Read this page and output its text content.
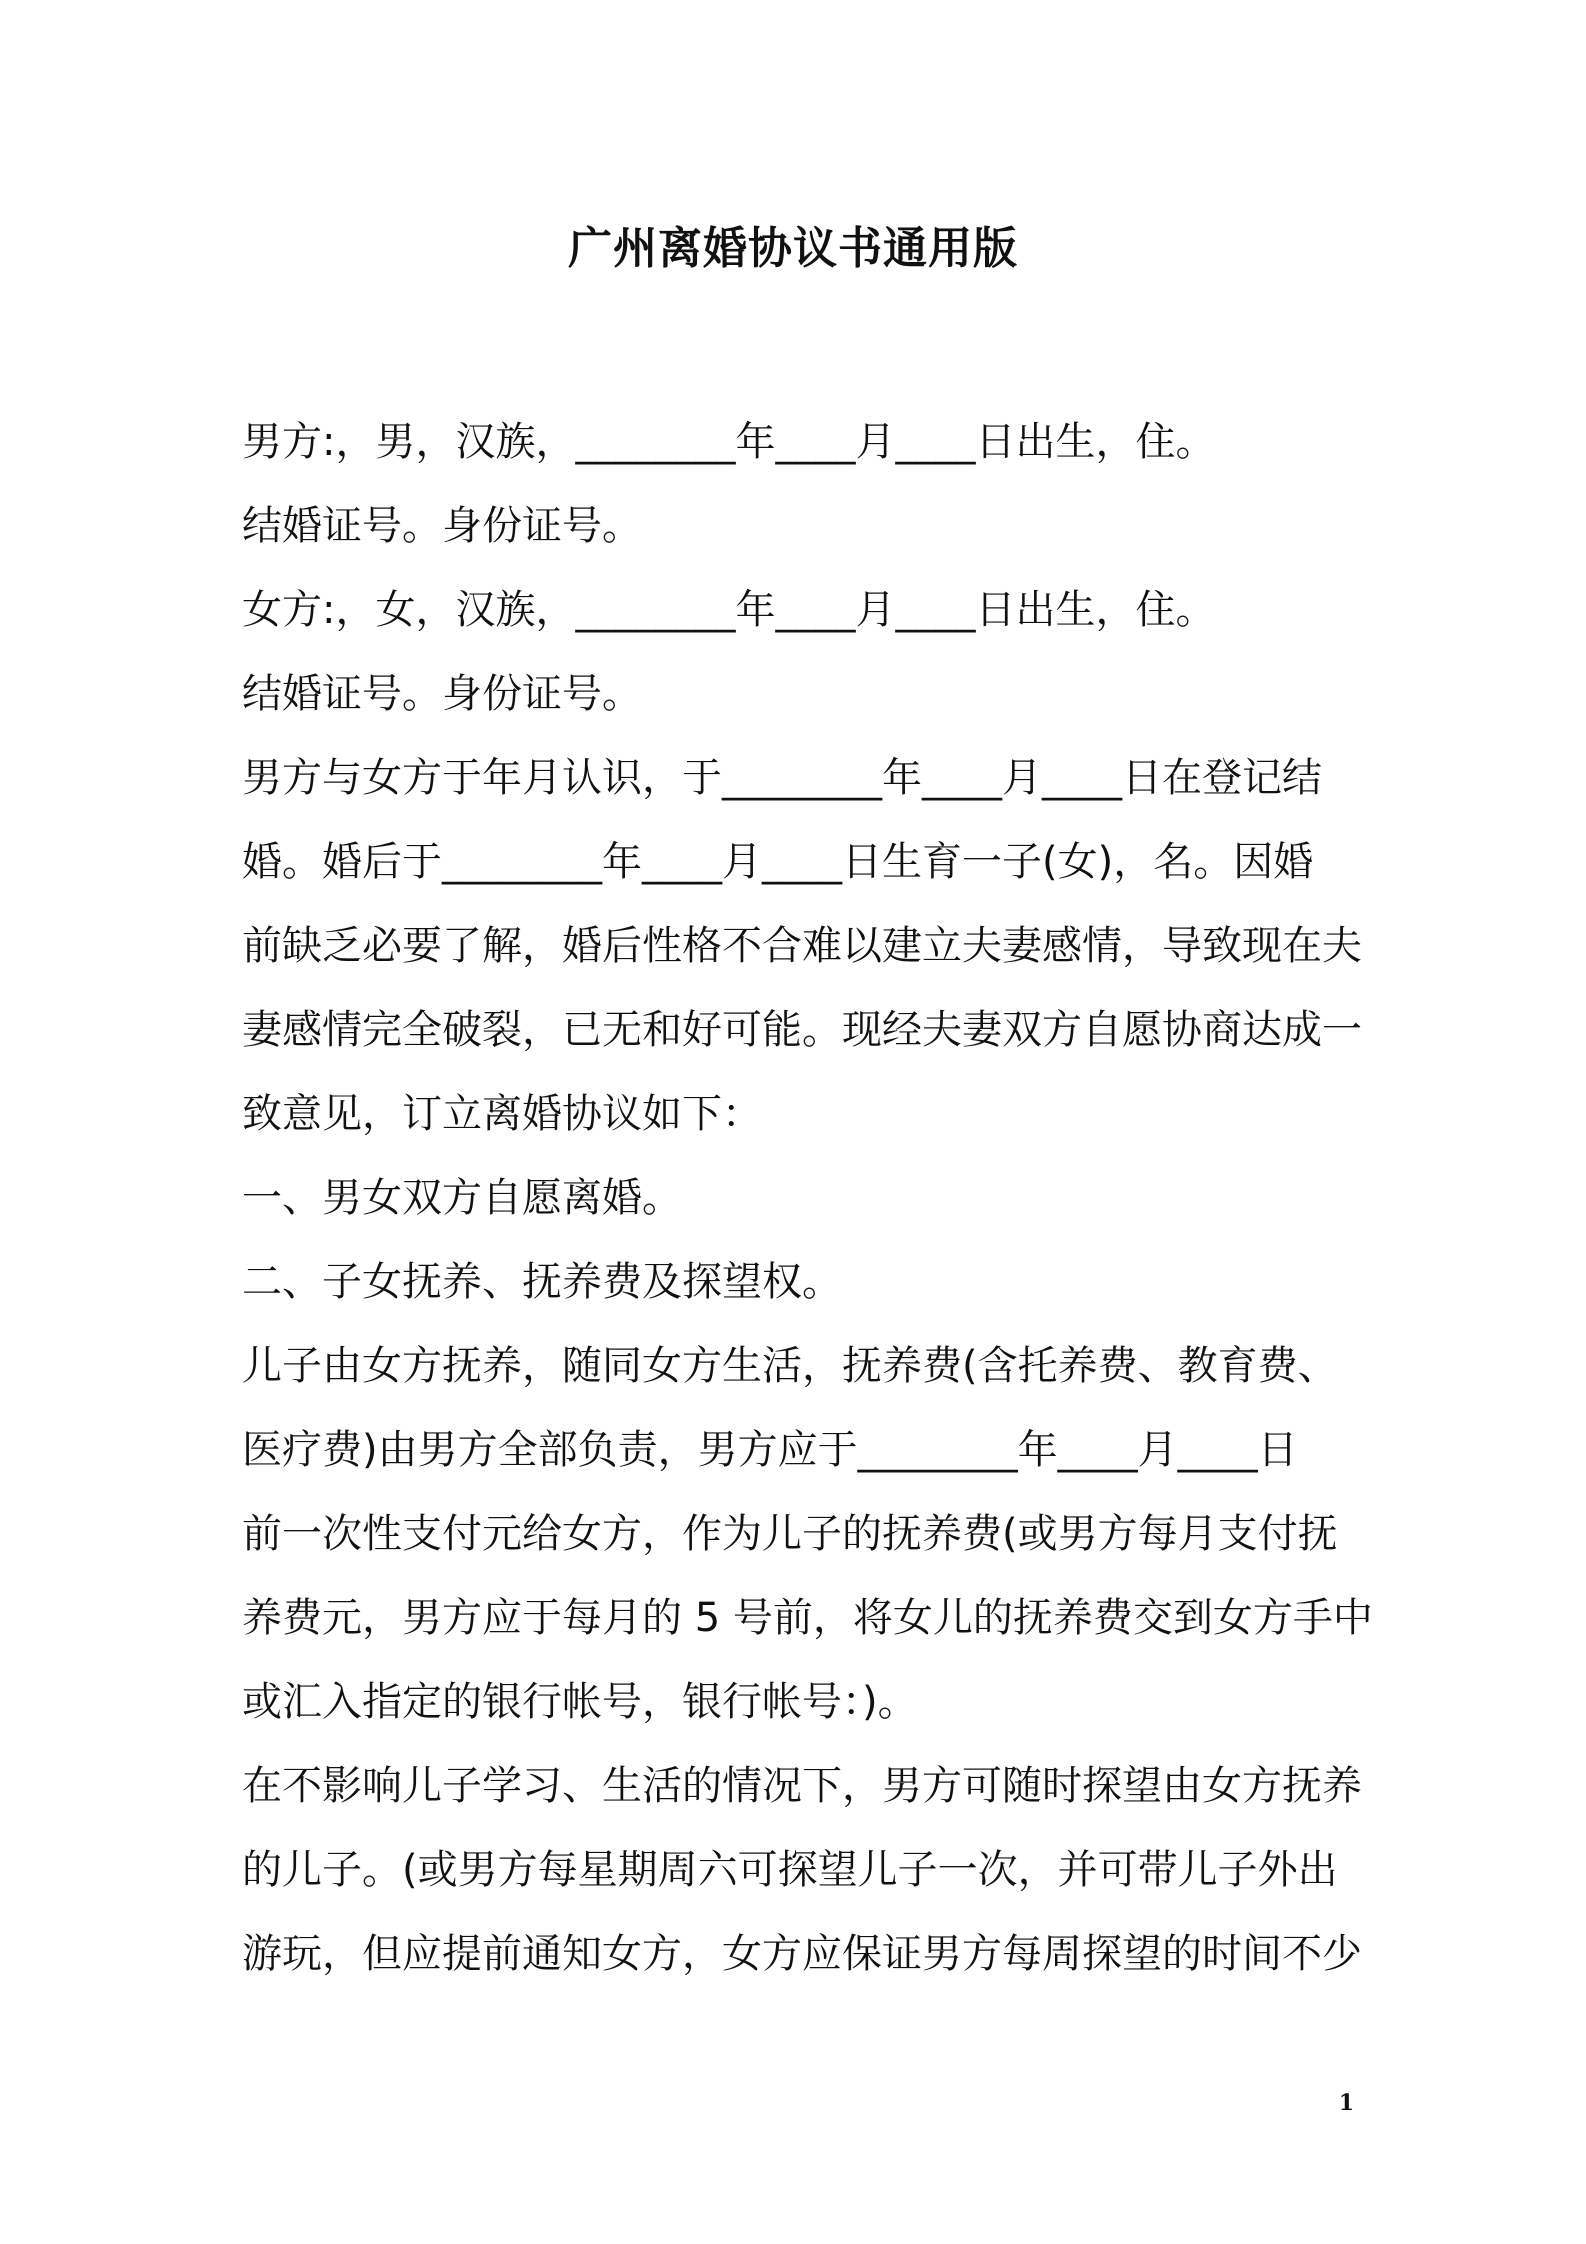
广州离婚协议书通用版
男方:，男，汉族，________年____月____日出生，住。
结婚证号。身份证号。
女方:，女，汉族，________年____月____日出生，住。
结婚证号。身份证号。
男方与女方于年月认识，于________年____月____日在登记结
婚。婚后于________年____月____日生育一子(女)，名。因婚
前缺乏必要了解，婚后性格不合难以建立夫妻感情，导致现在夫
妻感情完全破裂，已无和好可能。现经夫妻双方自愿协商达成一
致意见，订立离婚协议如下：
一、男女双方自愿离婚。
二、子女抚养、抚养费及探望权。
儿子由女方抚养，随同女方生活，抚养费(含托养费、教育费、
医疗费)由男方全部负责，男方应于________年____月____日
前一次性支付元给女方，作为儿子的抚养费(或男方每月支付抚
养费元，男方应于每月的 5 号前，将女儿的抚养费交到女方手中
或汇入指定的银行帐号，银行帐号：)。
在不影响儿子学习、生活的情况下，男方可随时探望由女方抚养
的儿子。(或男方每星期周六可探望儿子一次，并可带儿子外出
游玩，但应提前通知女方，女方应保证男方每周探望的时间不少
1
